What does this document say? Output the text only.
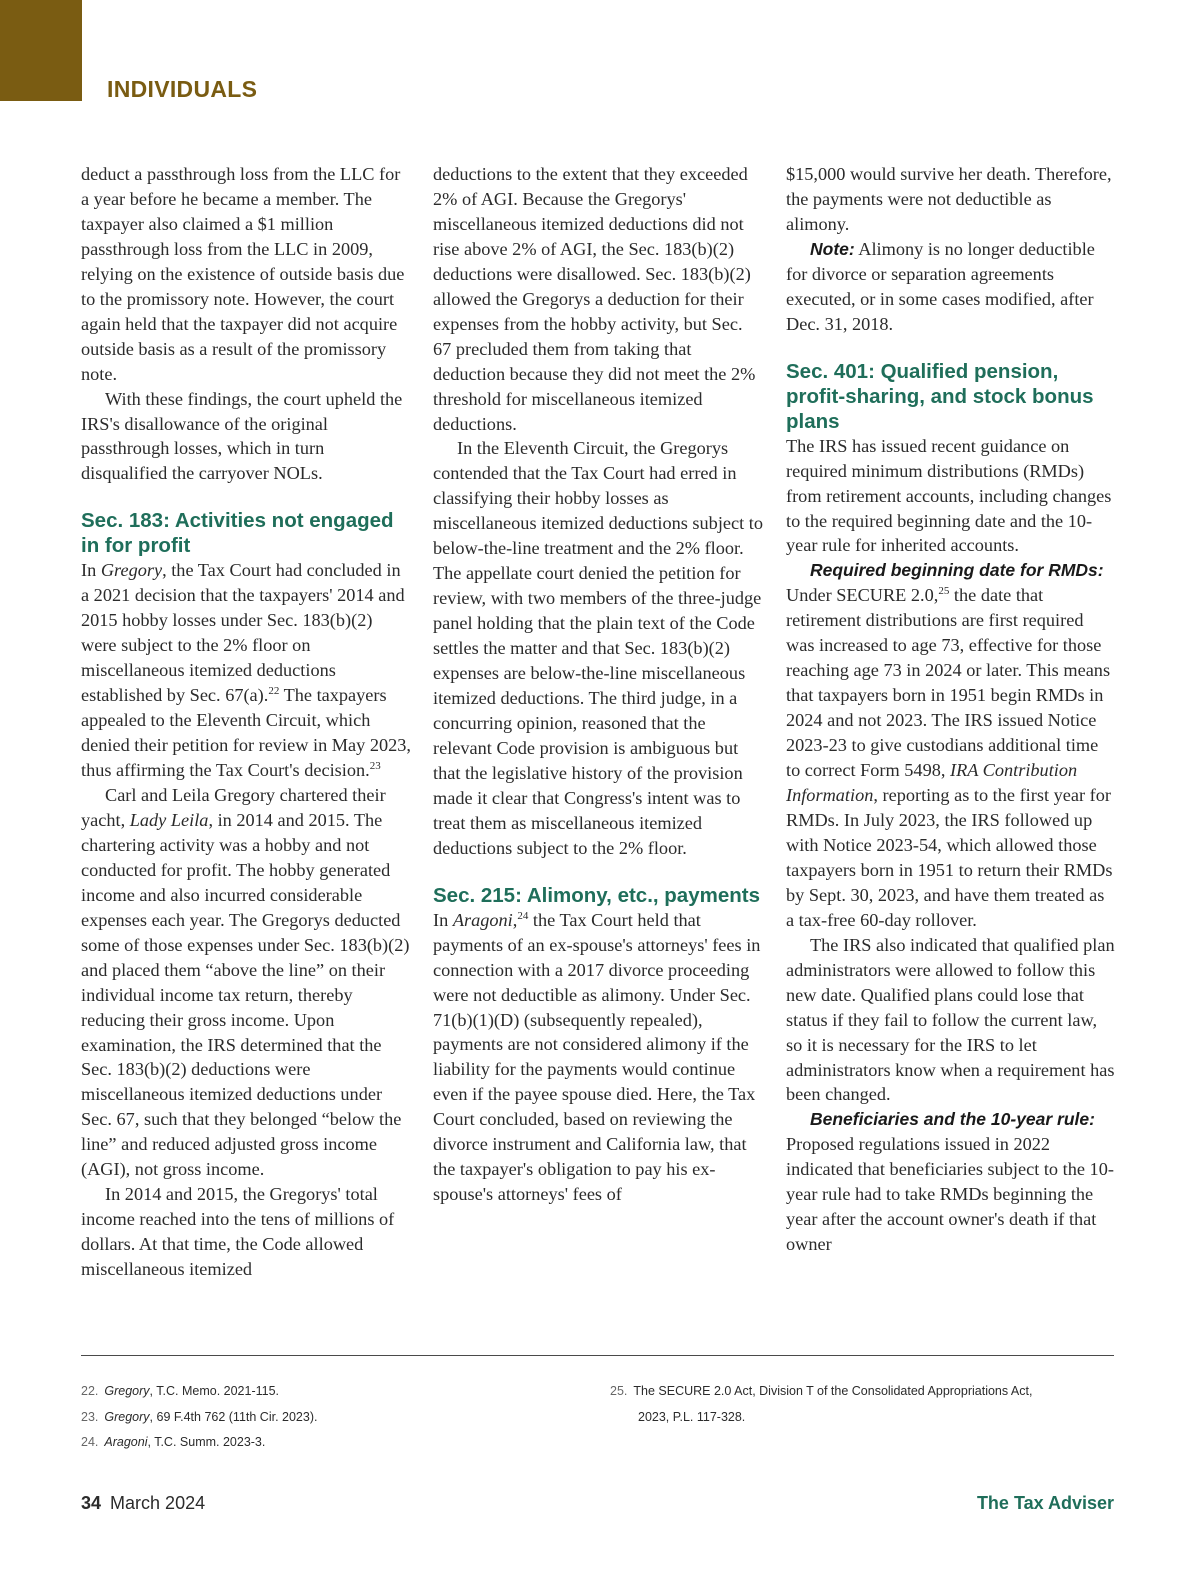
INDIVIDUALS

deduct a passthrough loss from the LLC for a year before he became a member. The taxpayer also claimed a $1 million passthrough loss from the LLC in 2009, relying on the existence of outside basis due to the promissory note. However, the court again held that the taxpayer did not acquire outside basis as a result of the promissory note.

With these findings, the court upheld the IRS's disallowance of the original passthrough losses, which in turn disqualified the carryover NOLs.

Sec. 183: Activities not engaged in for profit

In Gregory, the Tax Court had concluded in a 2021 decision that the taxpayers' 2014 and 2015 hobby losses under Sec. 183(b)(2) were subject to the 2% floor on miscellaneous itemized deductions established by Sec. 67(a).$^{22}$ The taxpayers appealed to the Eleventh Circuit, which denied their petition for review in May 2023, thus affirming the Tax Court's decision.$^{23}$

Carl and Leila Gregory chartered their yacht, Lady Leila, in 2014 and 2015. The chartering activity was a hobby and not conducted for profit. The hobby generated income and also incurred considerable expenses each year. The Gregorys deducted some of those expenses under Sec. 183(b)(2) and placed them “above the line” on their individual income tax return, thereby reducing their gross income. Upon examination, the IRS determined that the Sec. 183(b)(2) deductions were miscellaneous itemized deductions under Sec. 67, such that they belonged “below the line” and reduced adjusted gross income (AGI), not gross income.

In 2014 and 2015, the Gregorys' total income reached into the tens of millions of dollars. At that time, the Code allowed miscellaneous itemized

deductions to the extent that they exceeded 2% of AGI. Because the Gregorys' miscellaneous itemized deductions did not rise above 2% of AGI, the Sec. 183(b)(2) deductions were disallowed. Sec. 183(b)(2) allowed the Gregorys a deduction for their expenses from the hobby activity, but Sec. 67 precluded them from taking that deduction because they did not meet the 2% threshold for miscellaneous itemized deductions.

In the Eleventh Circuit, the Gregorys contended that the Tax Court had erred in classifying their hobby losses as miscellaneous itemized deductions subject to below-the-line treatment and the 2% floor. The appellate court denied the petition for review, with two members of the three-judge panel holding that the plain text of the Code settles the matter and that Sec. 183(b)(2) expenses are below-the-line miscellaneous itemized deductions. The third judge, in a concurring opinion, reasoned that the relevant Code provision is ambiguous but that the legislative history of the provision made it clear that Congress's intent was to treat them as miscellaneous itemized deductions subject to the 2% floor.

Sec. 215: Alimony, etc., payments

In Aragoni,$^{24}$ the Tax Court held that payments of an ex-spouse's attorneys' fees in connection with a 2017 divorce proceeding were not deductible as alimony. Under Sec. 71(b)(1)(D) (subsequently repealed), payments are not considered alimony if the liability for the payments would continue even if the payee spouse died. Here, the Tax Court concluded, based on reviewing the divorce instrument and California law, that the taxpayer's obligation to pay his ex-spouse's attorneys' fees of

$15,000 would survive her death. Therefore, the payments were not deductible as alimony.

Note: Alimony is no longer deductible for divorce or separation agreements executed, or in some cases modified, after Dec. 31, 2018.

Sec. 401: Qualified pension, profit-sharing, and stock bonus plans

The IRS has issued recent guidance on required minimum distributions (RMDs) from retirement accounts, including changes to the required beginning date and the 10-year rule for inherited accounts.

Required beginning date for RMDs: Under SECURE 2.0,25 the date that retirement distributions are first required was increased to age 73, effective for those reaching age 73 in 2024 or later. This means that taxpayers born in 1951 begin RMDs in 2024 and not 2023. The IRS issued Notice 2023-23 to give custodians additional time to correct Form 5498, IRA Contribution Information, reporting as to the first year for RMDs. In July 2023, the IRS followed up with Notice 2023-54, which allowed those taxpayers born in 1951 to return their RMDs by Sept. 30, 2023, and have them treated as a tax-free 60-day rollover.

The IRS also indicated that qualified plan administrators were allowed to follow this new date. Qualified plans could lose that status if they fail to follow the current law, so it is necessary for the IRS to let administrators know when a requirement has been changed.

Beneficiaries and the 10-year rule: Proposed regulations issued in 2022 indicated that beneficiaries subject to the 10-year rule had to take RMDs beginning the year after the account owner's death if that owner

22. Gregory, T.C. Memo. 2021-115.
23. Gregory, 69 F.4th 762 (11th Cir. 2023).
24. Aragoni, T.C. Summ. 2023-3.
25. The SECURE 2.0 Act, Division T of the Consolidated Appropriations Act,
2023, P.L. 117-328.
34 March 2024	The Tax Adviser
